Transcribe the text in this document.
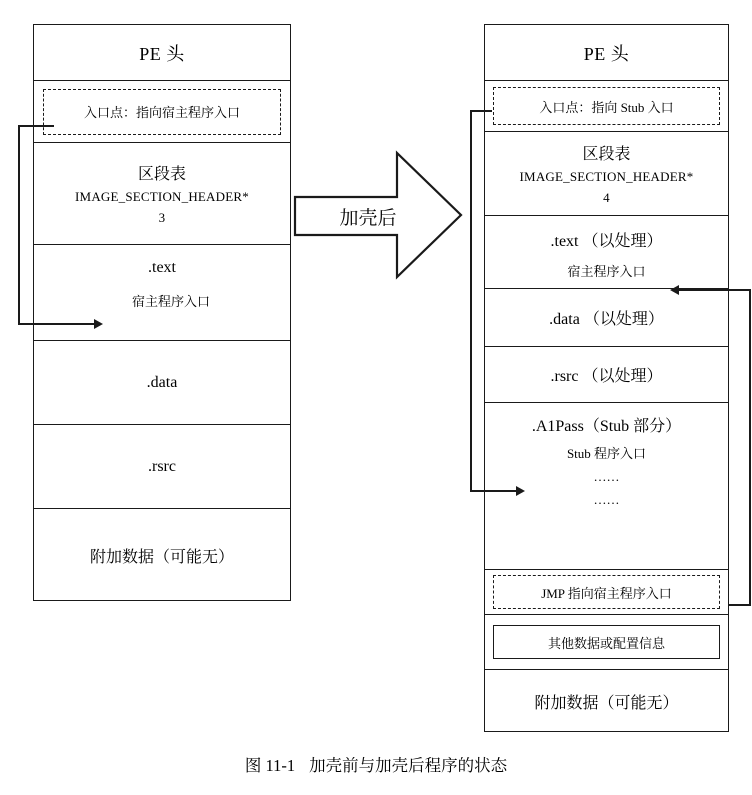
PE 头
入口点：指向宿主程序入口
区段表
IMAGE_SECTION_HEADER*
3
.text
宿主程序入口
.data
.rsrc
附加数据（可能无）
加壳后
PE 头
入口点：指向 Stub 入口
区段表
IMAGE_SECTION_HEADER*
4
.text （以处理）
宿主程序入口
.data （以处理）
.rsrc （以处理）
.A1Pass（Stub 部分）
Stub 程序入口
……
……
JMP 指向宿主程序入口
其他数据或配置信息
附加数据（可能无）
图 11-1 加壳前与加壳后程序的状态
